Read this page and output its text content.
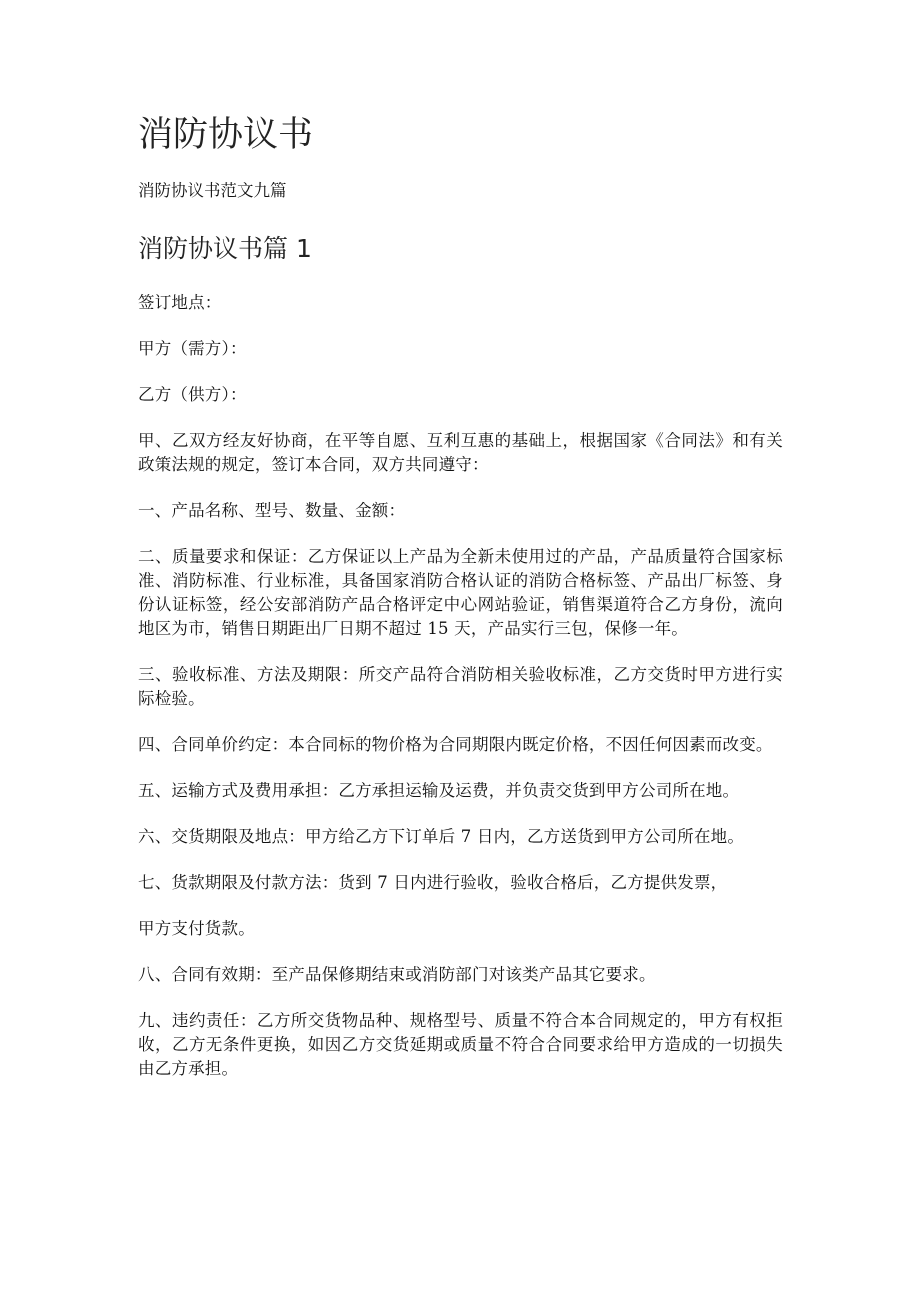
消防协议书

消防协议书范文九篇

消防协议书篇 1

签订地点：

甲方（需方）：

乙方（供方）：

甲、乙双方经友好协商，在平等自愿、互利互惠的基础上，根据国家《合同法》和有关政策法规的规定，签订本合同，双方共同遵守：

一、产品名称、型号、数量、金额：

二、质量要求和保证：乙方保证以上产品为全新未使用过的产品，产品质量符合国家标准、消防标准、行业标准，具备国家消防合格认证的消防合格标签、产品出厂标签、身份认证标签，经公安部消防产品合格评定中心网站验证，销售渠道符合乙方身份，流向地区为市，销售日期距出厂日期不超过 15 天，产品实行三包，保修一年。

三、验收标准、方法及期限：所交产品符合消防相关验收标准，乙方交货时甲方进行实际检验。

四、合同单价约定：本合同标的物价格为合同期限内既定价格，不因任何因素而改变。

五、运输方式及费用承担：乙方承担运输及运费，并负责交货到甲方公司所在地。

六、交货期限及地点：甲方给乙方下订单后 7 日内，乙方送货到甲方公司所在地。

七、货款期限及付款方法：货到 7 日内进行验收，验收合格后，乙方提供发票，

甲方支付货款。

八、合同有效期：至产品保修期结束或消防部门对该类产品其它要求。

九、违约责任：乙方所交货物品种、规格型号、质量不符合本合同规定的，甲方有权拒收，乙方无条件更换，如因乙方交货延期或质量不符合合同要求给甲方造成的一切损失由乙方承担。
